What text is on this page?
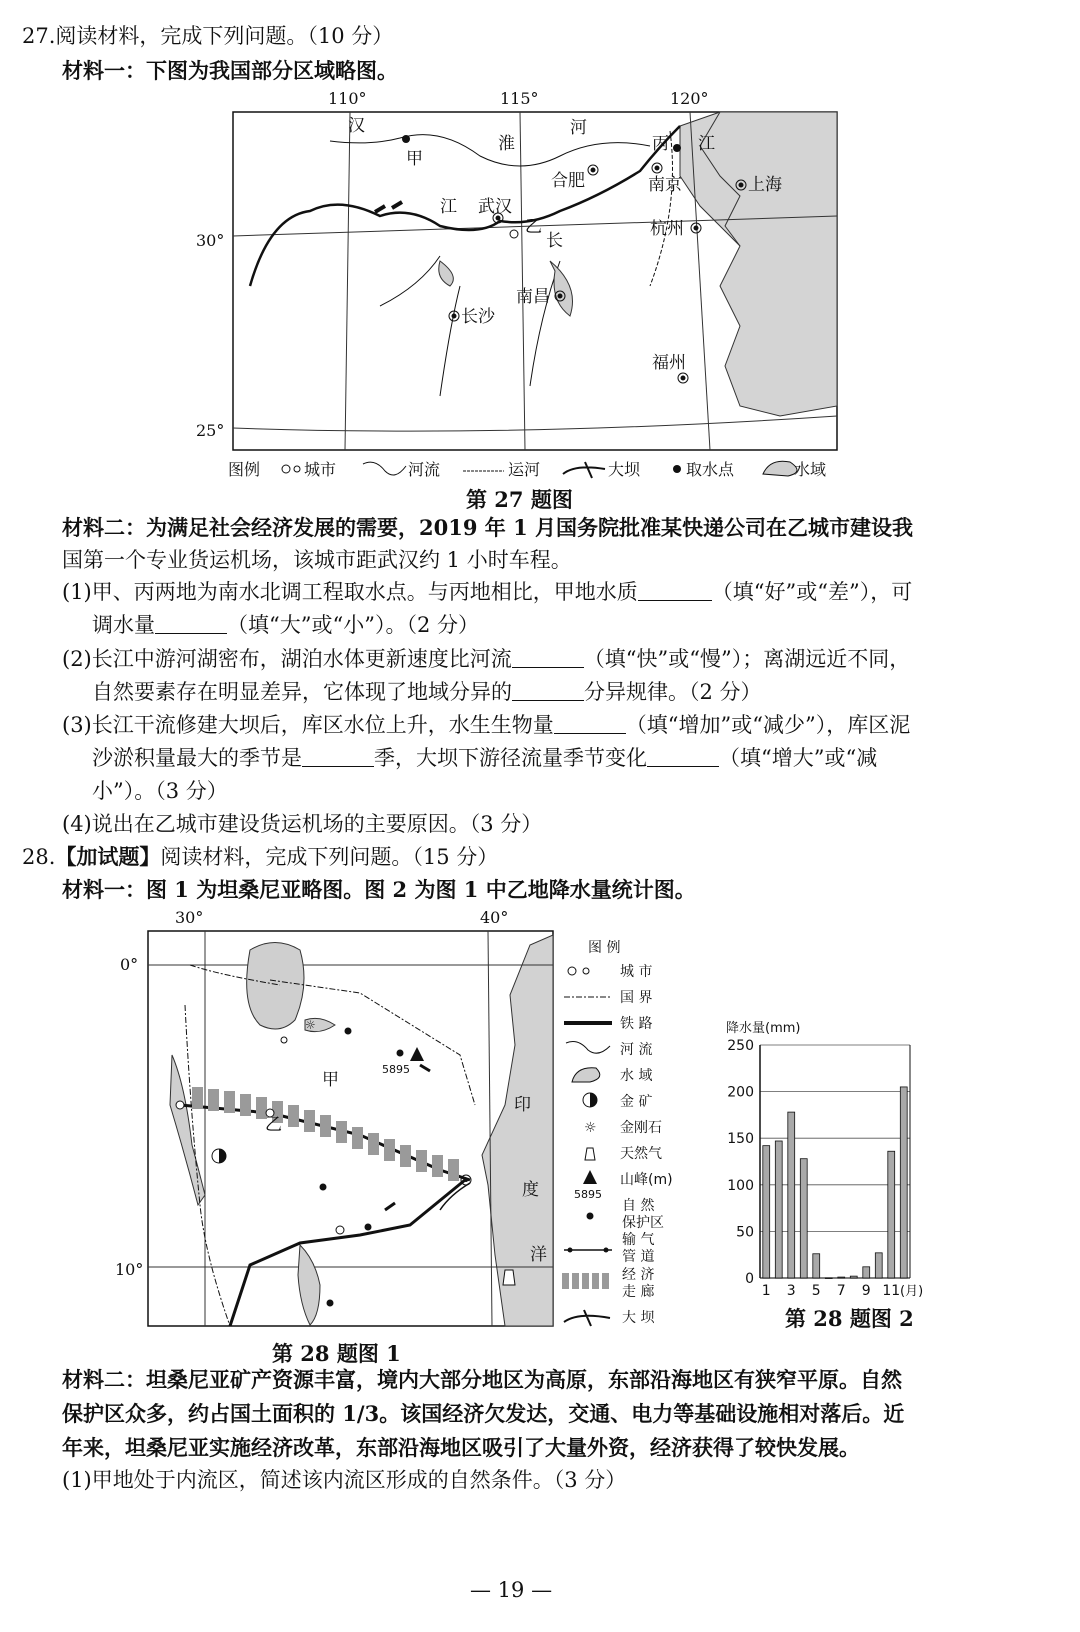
27.阅读材料，完成下列问题。（10 分）
材料一：下图为我国部分区域略图。
110°	115°	120°
30°
25°
汉
甲
淮
河
丙 江
合肥	南京	上海
江 武汉
乙
长
杭州
南昌
长沙
福州
图例	城市	河流	运河	大坝	取水点	水域
第 27 题图
材料二：为满足社会经济发展的需要，2019 年 1 月国务院批准某快递公司在乙城市建设我
国第一个专业货运机场，该城市距武汉约 1 小时车程。
(1)甲、丙两地为南水北调工程取水点。与丙地相比，甲地水质	（填“好”或“差”），可
调水量	（填“大”或“小”）。（2 分）
(2)长江中游河湖密布，湖泊水体更新速度比河流	（填“快”或“慢”）；离湖远近不同，
自然要素存在明显差异，它体现了地域分异的	分异规律。（2 分）
(3)长江干流修建大坝后，库区水位上升，水生生物量	（填“增加”或“减少”），库区泥
沙淤积量最大的季节是	季，大坝下游径流量季节变化	（填“增大”或“减
小”）。（3 分）
(4)说出在乙城市建设货运机场的主要原因。（3 分）
28.【加试题】阅读材料，完成下列问题。（15 分）
材料一：图 1 为坦桑尼亚略图。图 2 为图 1 中乙地降水量统计图。
30°	40°
0°
10°
5895
☼
甲
乙
印
度
洋
第 28 题图 1
图 例
城 市
国 界
铁 路
河 流
水 域
金 矿
☼ 金刚石
天然气
5895
山峰(m)
自 然
保护区
输 气
管 道
经 济
走 廊
大 坝
降水量(mm)
250
200
150
100
50
0
1 3 5 7 9 11 (月)
第 28 题图 2
材料二：坦桑尼亚矿产资源丰富，境内大部分地区为高原，东部沿海地区有狭窄平原。自然
保护区众多，约占国土面积的 1/3。该国经济欠发达，交通、电力等基础设施相对落后。近
年来，坦桑尼亚实施经济改革，东部沿海地区吸引了大量外资，经济获得了较快发展。
(1)甲地处于内流区，简述该内流区形成的自然条件。（3 分）
— 19 —
